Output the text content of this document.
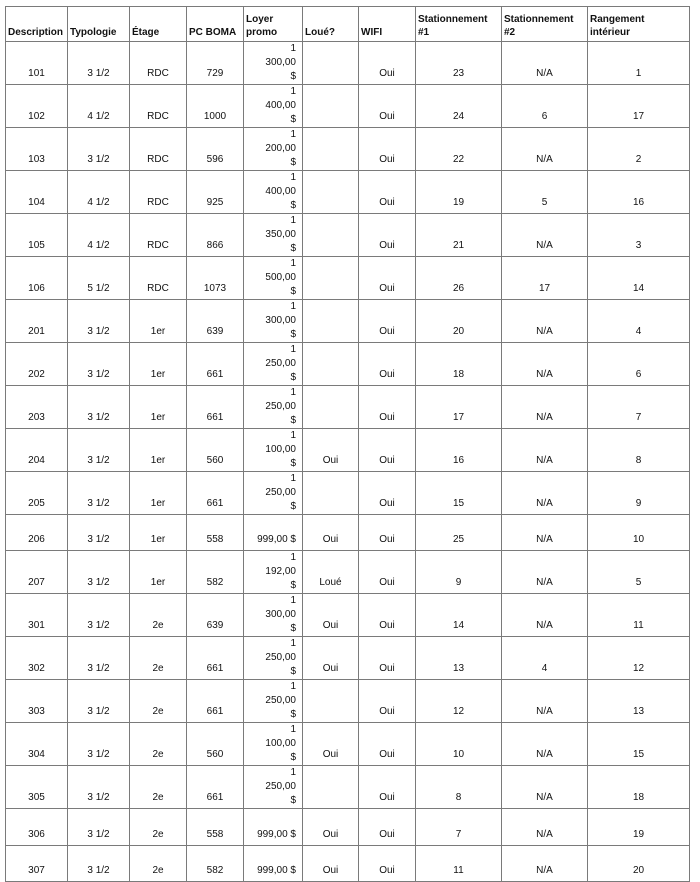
Description	Typologie	Étage	PC BOMA	Loyer promo	Loué?	WIFI	Stationnement #1	Stationnement #2	Rangement intérieur
101	3 1/2	RDC	729	1 300,00 $		Oui	23	N/A	1
102	4 1/2	RDC	1000	1 400,00 $		Oui	24	6	17
103	3 1/2	RDC	596	1 200,00 $		Oui	22	N/A	2
104	4 1/2	RDC	925	1 400,00 $		Oui	19	5	16
105	4 1/2	RDC	866	1 350,00 $		Oui	21	N/A	3
106	5 1/2	RDC	1073	1 500,00 $		Oui	26	17	14
201	3 1/2	1er	639	1 300,00 $		Oui	20	N/A	4
202	3 1/2	1er	661	1 250,00 $		Oui	18	N/A	6
203	3 1/2	1er	661	1 250,00 $		Oui	17	N/A	7
204	3 1/2	1er	560	1 100,00 $	Oui	Oui	16	N/A	8
205	3 1/2	1er	661	1 250,00 $		Oui	15	N/A	9
206	3 1/2	1er	558	999,00 $	Oui	Oui	25	N/A	10
207	3 1/2	1er	582	1 192,00 $	Loué	Oui	9	N/A	5
301	3 1/2	2e	639	1 300,00 $	Oui	Oui	14	N/A	11
302	3 1/2	2e	661	1 250,00 $	Oui	Oui	13	4	12
303	3 1/2	2e	661	1 250,00 $		Oui	12	N/A	13
304	3 1/2	2e	560	1 100,00 $	Oui	Oui	10	N/A	15
305	3 1/2	2e	661	1 250,00 $		Oui	8	N/A	18
306	3 1/2	2e	558	999,00 $	Oui	Oui	7	N/A	19
307	3 1/2	2e	582	999,00 $	Oui	Oui	11	N/A	20
